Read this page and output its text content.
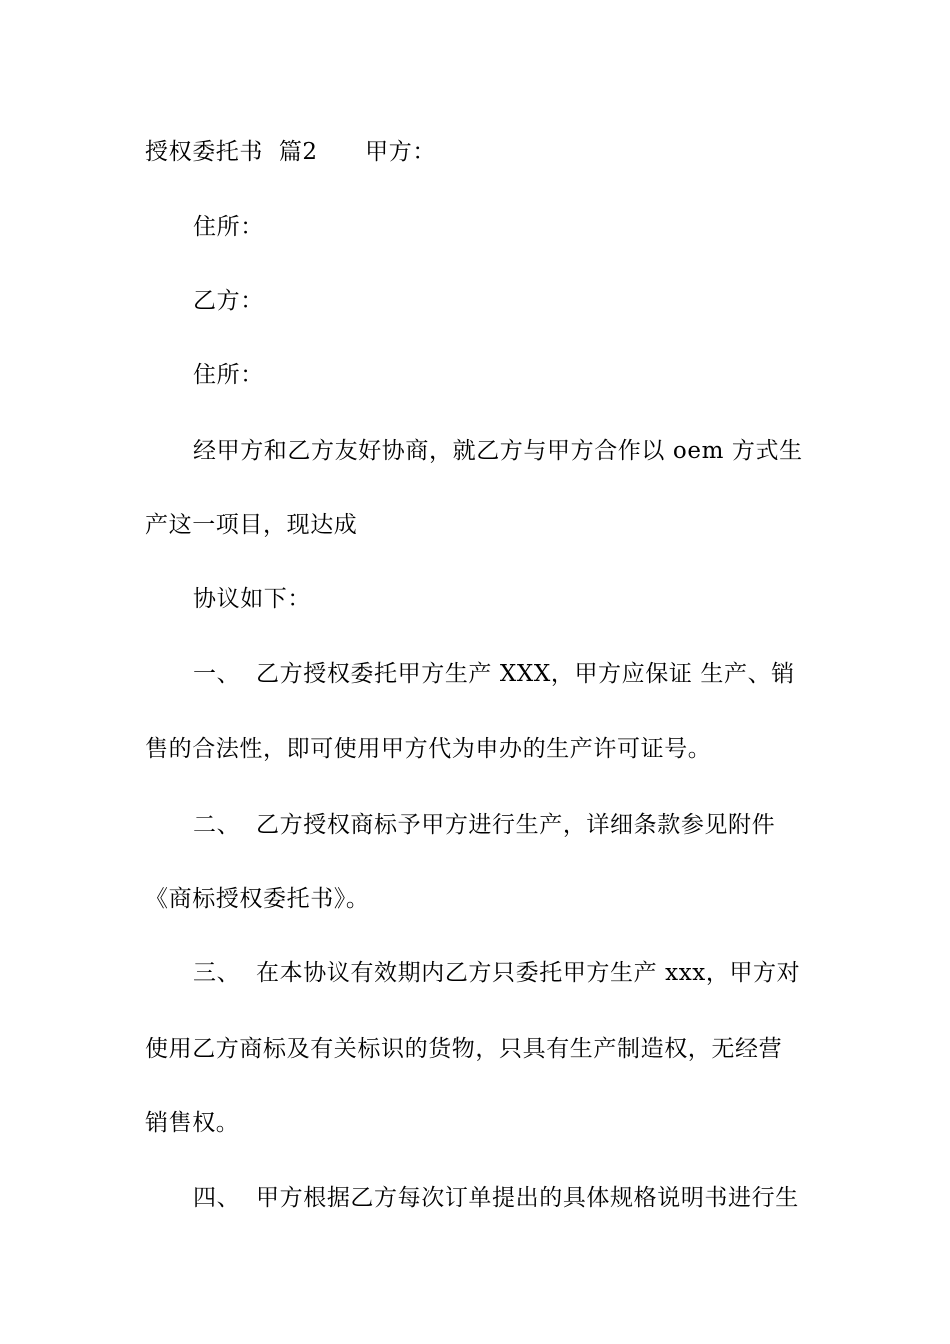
授权委托书  篇2      甲方：
住所：
乙方：
住所：
经甲方和乙方友好协商，就乙方与甲方合作以 oem 方式生
产这一项目，现达成
协议如下：
一、  乙方授权委托甲方生产 XXX，甲方应保证 生产、销
售的合法性，即可使用甲方代为申办的生产许可证号。
二、  乙方授权商标予甲方进行生产，详细条款参见附件
《商标授权委托书》。
三、  在本协议有效期内乙方只委托甲方生产 xxx，甲方对
使用乙方商标及有关标识的货物，只具有生产制造权，无经营
销售权。
四、  甲方根据乙方每次订单提出的具体规格说明书进行生
